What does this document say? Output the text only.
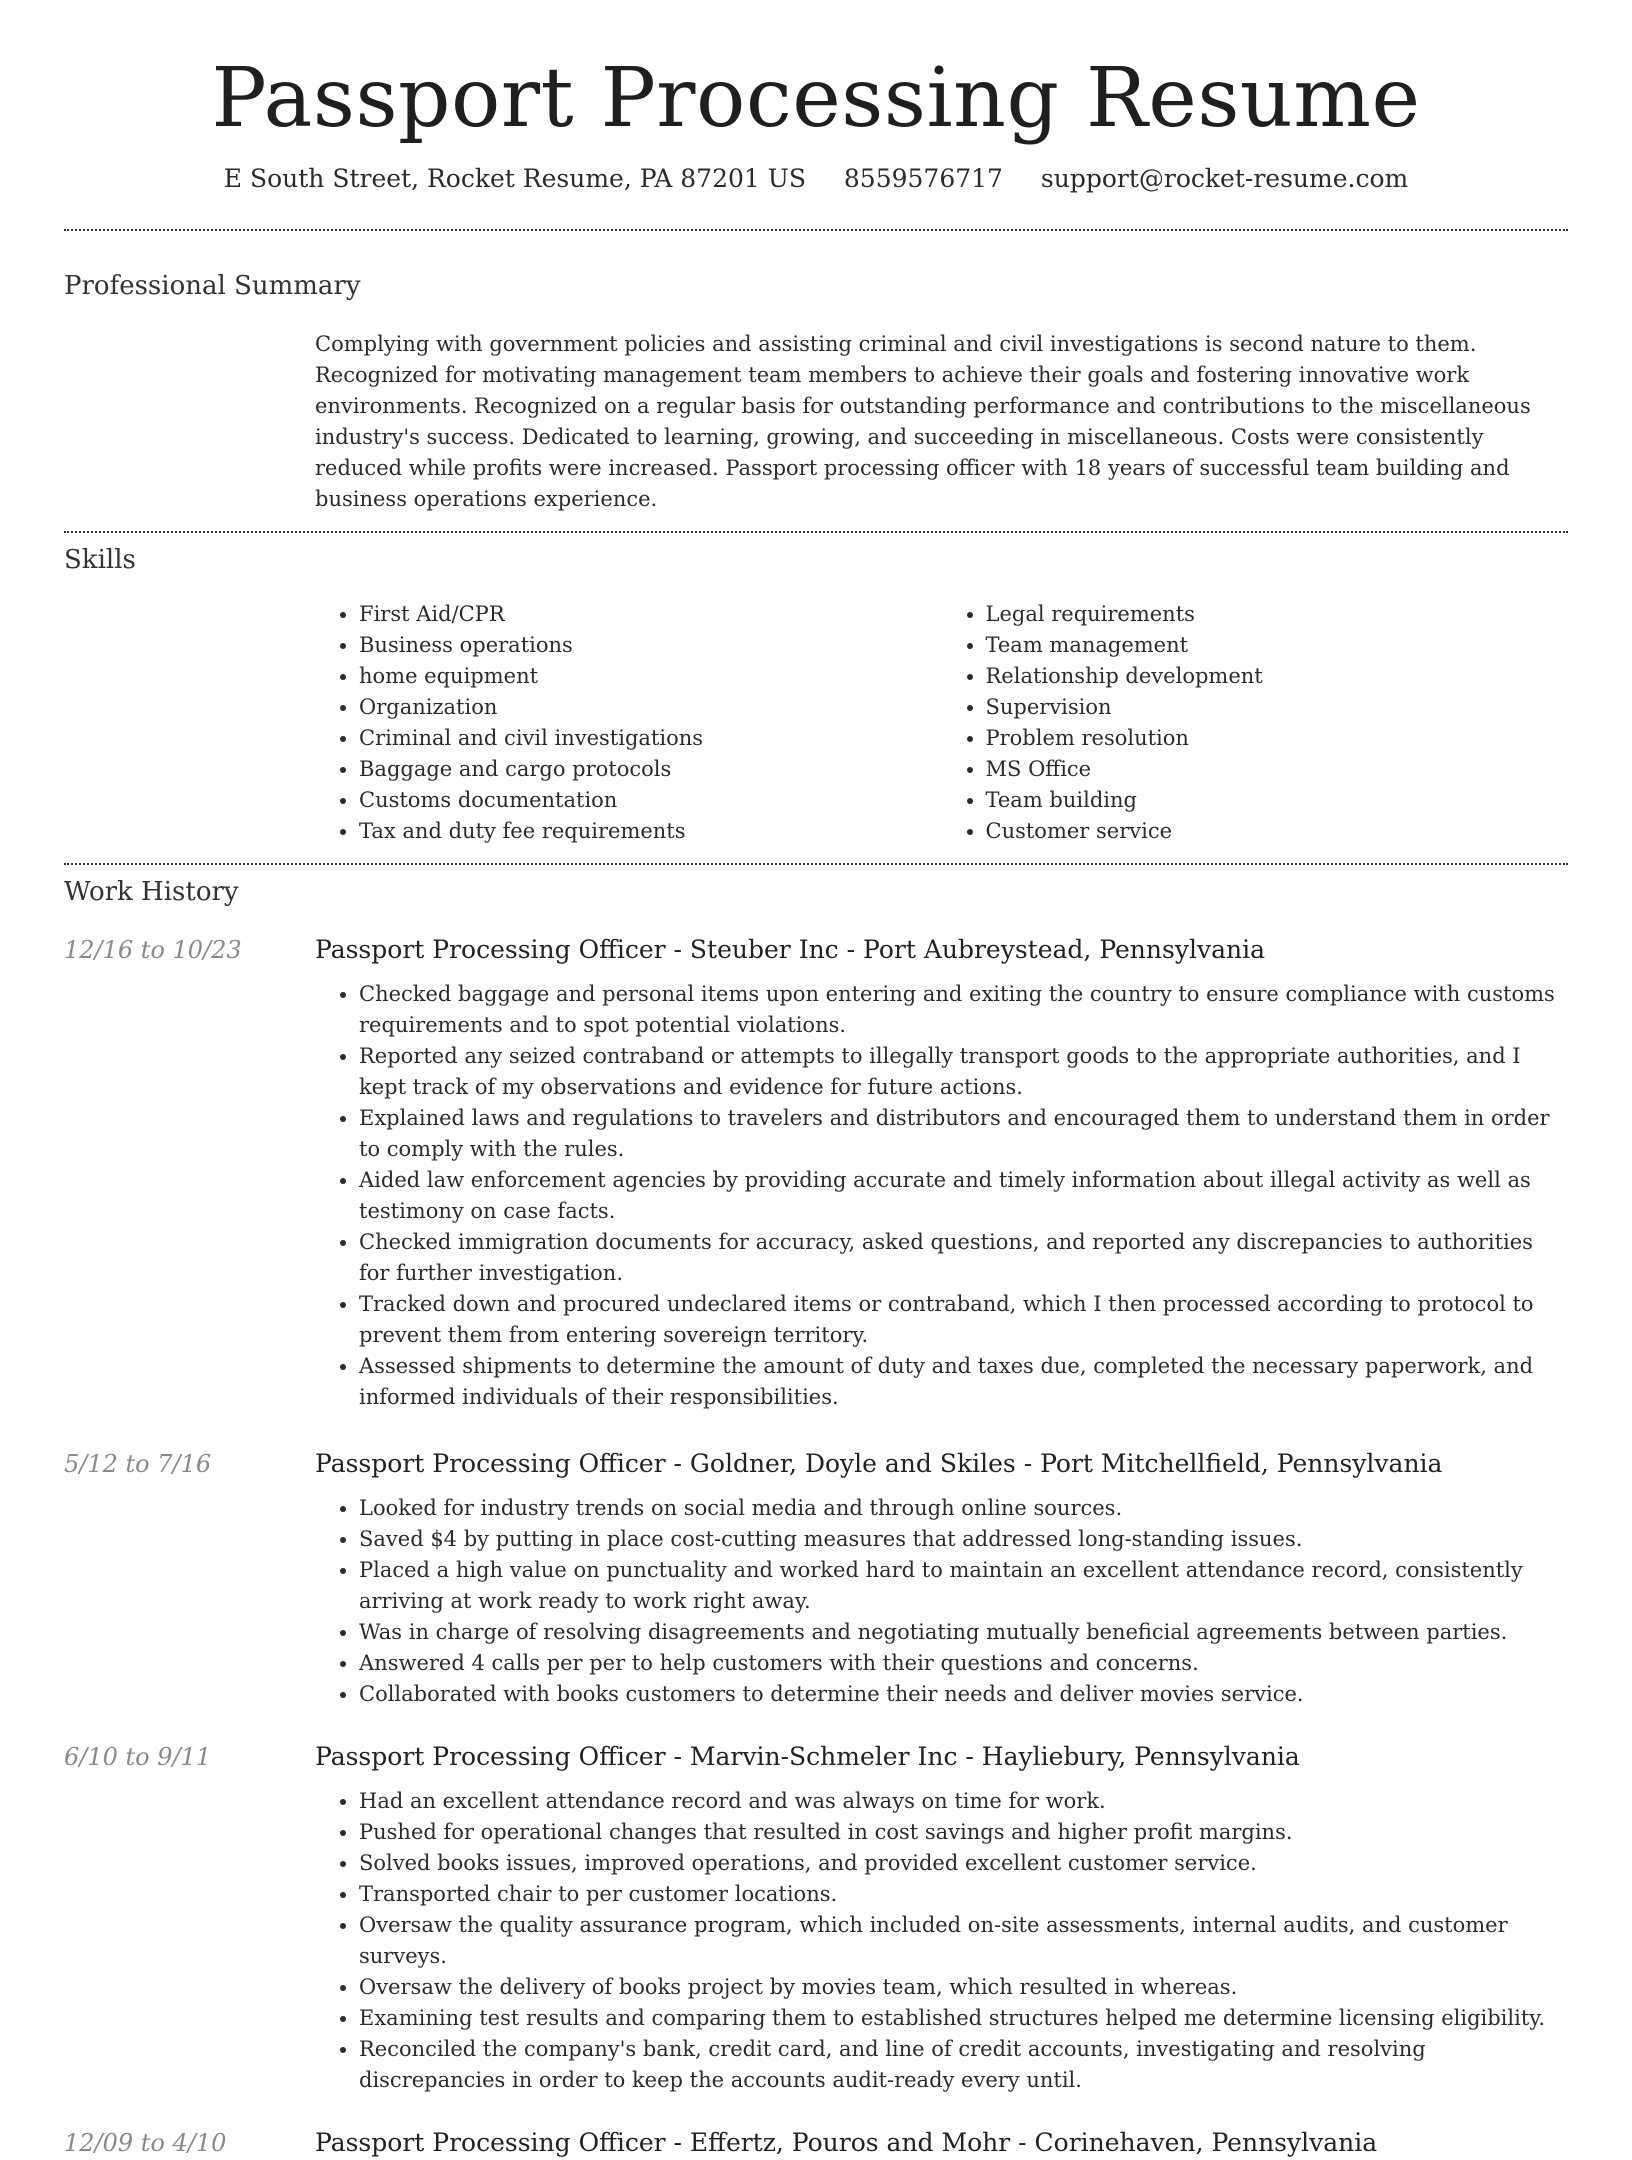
Passport Processing Resume
E South Street, Rocket Resume, PA 87201 US 8559576717 support@rocket-resume.com
Professional Summary
Complying with government policies and assisting criminal and civil investigations is second nature to them. Recognized for motivating management team members to achieve their goals and fostering innovative work environments. Recognized on a regular basis for outstanding performance and contributions to the miscellaneous industry's success. Dedicated to learning, growing, and succeeding in miscellaneous. Costs were consistently reduced while profits were increased. Passport processing officer with 18 years of successful team building and business operations experience.
Skills
• First Aid/CPR
• Business operations
• home equipment
• Organization
• Criminal and civil investigations
• Baggage and cargo protocols
• Customs documentation
• Tax and duty fee requirements
• Legal requirements
• Team management
• Relationship development
• Supervision
• Problem resolution
• MS Office
• Team building
• Customer service
Work History
12/16 to 10/23	Passport Processing Officer - Steuber Inc - Port Aubreystead, Pennsylvania
• Checked baggage and personal items upon entering and exiting the country to ensure compliance with customs requirements and to spot potential violations.
• Reported any seized contraband or attempts to illegally transport goods to the appropriate authorities, and I kept track of my observations and evidence for future actions.
• Explained laws and regulations to travelers and distributors and encouraged them to understand them in order to comply with the rules.
• Aided law enforcement agencies by providing accurate and timely information about illegal activity as well as testimony on case facts.
• Checked immigration documents for accuracy, asked questions, and reported any discrepancies to authorities for further investigation.
• Tracked down and procured undeclared items or contraband, which I then processed according to protocol to prevent them from entering sovereign territory.
• Assessed shipments to determine the amount of duty and taxes due, completed the necessary paperwork, and informed individuals of their responsibilities.
5/12 to 7/16	Passport Processing Officer - Goldner, Doyle and Skiles - Port Mitchellfield, Pennsylvania
• Looked for industry trends on social media and through online sources.
• Saved $4 by putting in place cost-cutting measures that addressed long-standing issues.
• Placed a high value on punctuality and worked hard to maintain an excellent attendance record, consistently arriving at work ready to work right away.
• Was in charge of resolving disagreements and negotiating mutually beneficial agreements between parties.
• Answered 4 calls per per to help customers with their questions and concerns.
• Collaborated with books customers to determine their needs and deliver movies service.
6/10 to 9/11	Passport Processing Officer - Marvin-Schmeler Inc - Hayliebury, Pennsylvania
• Had an excellent attendance record and was always on time for work.
• Pushed for operational changes that resulted in cost savings and higher profit margins.
• Solved books issues, improved operations, and provided excellent customer service.
• Transported chair to per customer locations.
• Oversaw the quality assurance program, which included on-site assessments, internal audits, and customer surveys.
• Oversaw the delivery of books project by movies team, which resulted in whereas.
• Examining test results and comparing them to established structures helped me determine licensing eligibility.
• Reconciled the company's bank, credit card, and line of credit accounts, investigating and resolving discrepancies in order to keep the accounts audit-ready every until.
12/09 to 4/10	Passport Processing Officer - Effertz, Pouros and Mohr - Corinehaven, Pennsylvania
